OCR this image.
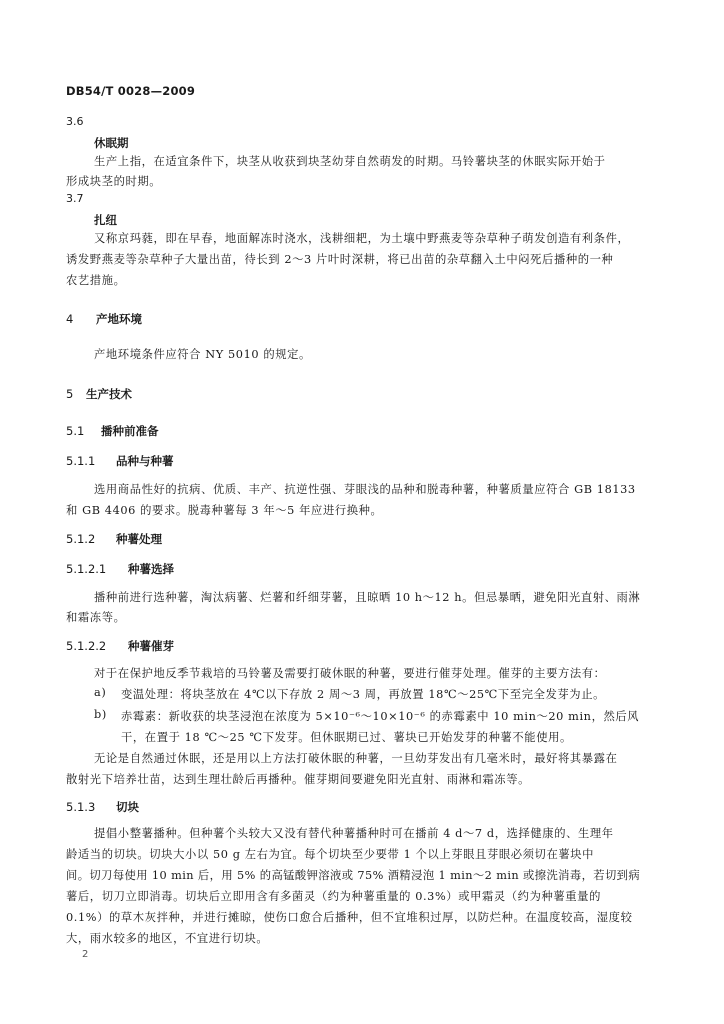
DB54/T 0028—2009
3.6
休眠期
生产上指，在适宜条件下，块茎从收获到块茎幼芽自然萌发的时期。马铃薯块茎的休眠实际开始于
形成块茎的时期。
3.7
扎纽
又称京玛蕤，即在早春，地面解冻时浇水，浅耕细耙，为土壤中野燕麦等杂草种子萌发创造有利条件，
诱发野燕麦等杂草种子大量出苗，待长到 2～3 片叶时深耕，将已出苗的杂草翻入土中闷死后播种的一种
农艺措施。
4 产地环境
产地环境条件应符合 NY 5010 的规定。
5 生产技术
5.1 播种前准备
5.1.1 品种与种薯
选用商品性好的抗病、优质、丰产、抗逆性强、芽眼浅的品种和脱毒种薯，种薯质量应符合 GB 18133
和 GB 4406 的要求。脱毒种薯每 3 年～5 年应进行换种。
5.1.2 种薯处理
5.1.2.1 种薯选择
播种前进行选种薯，淘汰病薯、烂薯和纤细芽薯，且晾晒 10 h～12 h。但忌暴晒，避免阳光直射、雨淋
和霜冻等。
5.1.2.2 种薯催芽
对于在保护地反季节栽培的马铃薯及需要打破休眠的种薯，要进行催芽处理。催芽的主要方法有：
a) 变温处理：将块茎放在 4℃以下存放 2 周～3 周，再放置 18℃～25℃下至完全发芽为止。
b) 赤霉素：新收获的块茎浸泡在浓度为 5×10⁻⁶～10×10⁻⁶ 的赤霉素中 10 min～20 min，然后风
干，在置于 18 ℃～25 ℃下发芽。但休眠期已过、薯块已开始发芽的种薯不能使用。
无论是自然通过休眠，还是用以上方法打破休眠的种薯，一旦幼芽发出有几毫米时，最好将其暴露在
散射光下培养壮苗，达到生理壮龄后再播种。催芽期间要避免阳光直射、雨淋和霜冻等。
5.1.3 切块
提倡小整薯播种。但种薯个头较大又没有替代种薯播种时可在播前 4 d～7 d，选择健康的、生理年
龄适当的切块。切块大小以 50 g 左右为宜。每个切块至少要带 1 个以上芽眼且芽眼必须切在薯块中
间。切刀每使用 10 min 后，用 5% 的高锰酸钾溶液或 75% 酒精浸泡 1 min～2 min 或擦洗消毒，若切到病
薯后，切刀立即消毒。切块后立即用含有多菌灵（约为种薯重量的 0.3%）或甲霜灵（约为种薯重量的
0.1%）的草木灰拌种，并进行摊晾，使伤口愈合后播种，但不宜堆积过厚，以防烂种。在温度较高，湿度较
大，雨水较多的地区，不宜进行切块。
2
